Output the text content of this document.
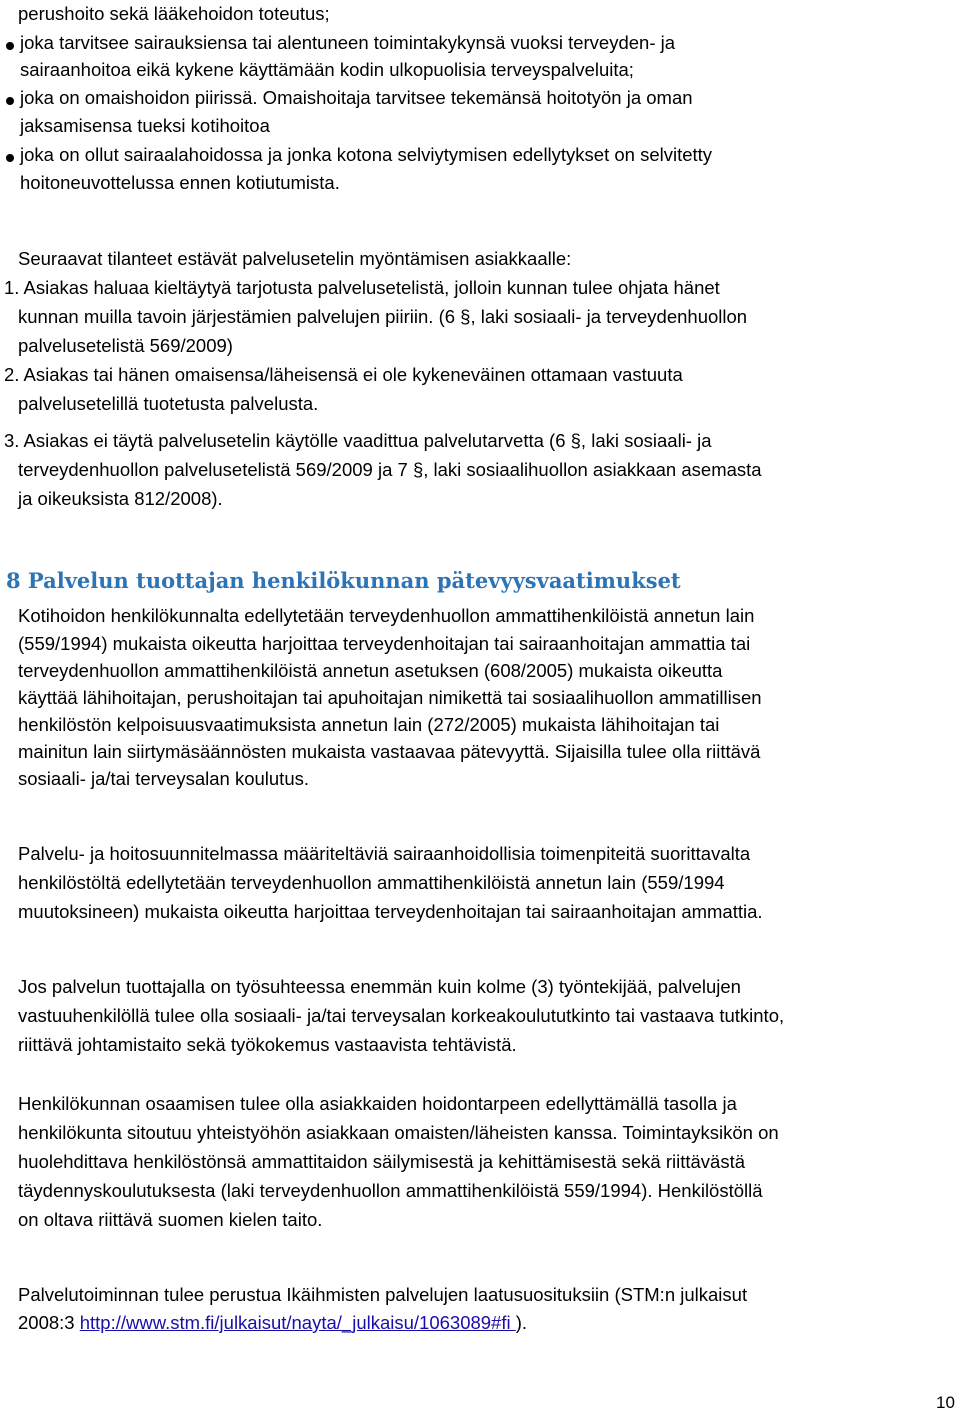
perushoito sekä lääkehoidon toteutus;
joka tarvitsee sairauksiensa tai alentuneen toimintakykynsä vuoksi terveyden- ja
sairaanhoitoa eikä kykene käyttämään kodin ulkopuolisia terveyspalveluita;
joka on omaishoidon piirissä. Omaishoitaja tarvitsee tekemänsä hoitotyön ja oman
jaksamisensa tueksi kotihoitoa
joka on ollut sairaalahoidossa ja jonka kotona selviytymisen edellytykset on selvitetty
hoitoneuvottelussa ennen kotiutumista.
Seuraavat tilanteet estävät palvelusetelin myöntämisen asiakkaalle:
1. Asiakas haluaa kieltäytyä tarjotusta palvelusetelistä, jolloin kunnan tulee ohjata hänet
kunnan muilla tavoin järjestämien palvelujen piiriin. (6 §, laki sosiaali- ja terveydenhuollon
palvelusetelistä 569/2009)
2. Asiakas tai hänen omaisensa/läheisensä ei ole kykeneväinen ottamaan vastuuta
palvelusetelillä tuotetusta palvelusta.
3. Asiakas ei täytä palvelusetelin käytölle vaadittua palvelutarvetta (6 §, laki sosiaali- ja
terveydenhuollon palvelusetelistä 569/2009 ja 7 §, laki sosiaalihuollon asiakkaan asemasta
ja oikeuksista 812/2008).
8 Palvelun tuottajan henkilökunnan pätevyysvaatimukset
Kotihoidon henkilökunnalta edellytetään terveydenhuollon ammattihenkilöistä annetun lain
(559/1994) mukaista oikeutta harjoittaa terveydenhoitajan tai sairaanhoitajan ammattia tai
terveydenhuollon ammattihenkilöistä annetun asetuksen (608/2005) mukaista oikeutta
käyttää lähihoitajan, perushoitajan tai apuhoitajan nimikettä tai sosiaalihuollon ammatillisen
henkilöstön kelpoisuusvaatimuksista annetun lain (272/2005) mukaista lähihoitajan tai
mainitun lain siirtymäsäännösten mukaista vastaavaa pätevyyttä. Sijaisilla tulee olla riittävä
sosiaali- ja/tai terveysalan koulutus.
Palvelu- ja hoitosuunnitelmassa määriteltäviä sairaanhoidollisia toimenpiteitä suorittavalta
henkilöstöltä edellytetään terveydenhuollon ammattihenkilöistä annetun lain (559/1994
muutoksineen) mukaista oikeutta harjoittaa terveydenhoitajan tai sairaanhoitajan ammattia.
Jos palvelun tuottajalla on työsuhteessa enemmän kuin kolme (3) työntekijää, palvelujen
vastuuhenkilöllä tulee olla sosiaali- ja/tai terveysalan korkeakoulututkinto tai vastaava tutkinto,
riittävä johtamistaito sekä työkokemus vastaavista tehtävistä.
Henkilökunnan osaamisen tulee olla asiakkaiden hoidontarpeen edellyttämällä tasolla ja
henkilökunta sitoutuu yhteistyöhön asiakkaan omaisten/läheisten kanssa. Toimintayksikön on
huolehdittava henkilöstönsä ammattitaidon säilymisestä ja kehittämisestä sekä riittävästä
täydennyskoulutuksesta (laki terveydenhuollon ammattihenkilöistä 559/1994). Henkilöstöllä
on oltava riittävä suomen kielen taito.
Palvelutoiminnan tulee perustua Ikäihmisten palvelujen laatusuosituksiin (STM:n julkaisut
2008:3 http://www.stm.fi/julkaisut/nayta/_julkaisu/1063089#fi ).
10
